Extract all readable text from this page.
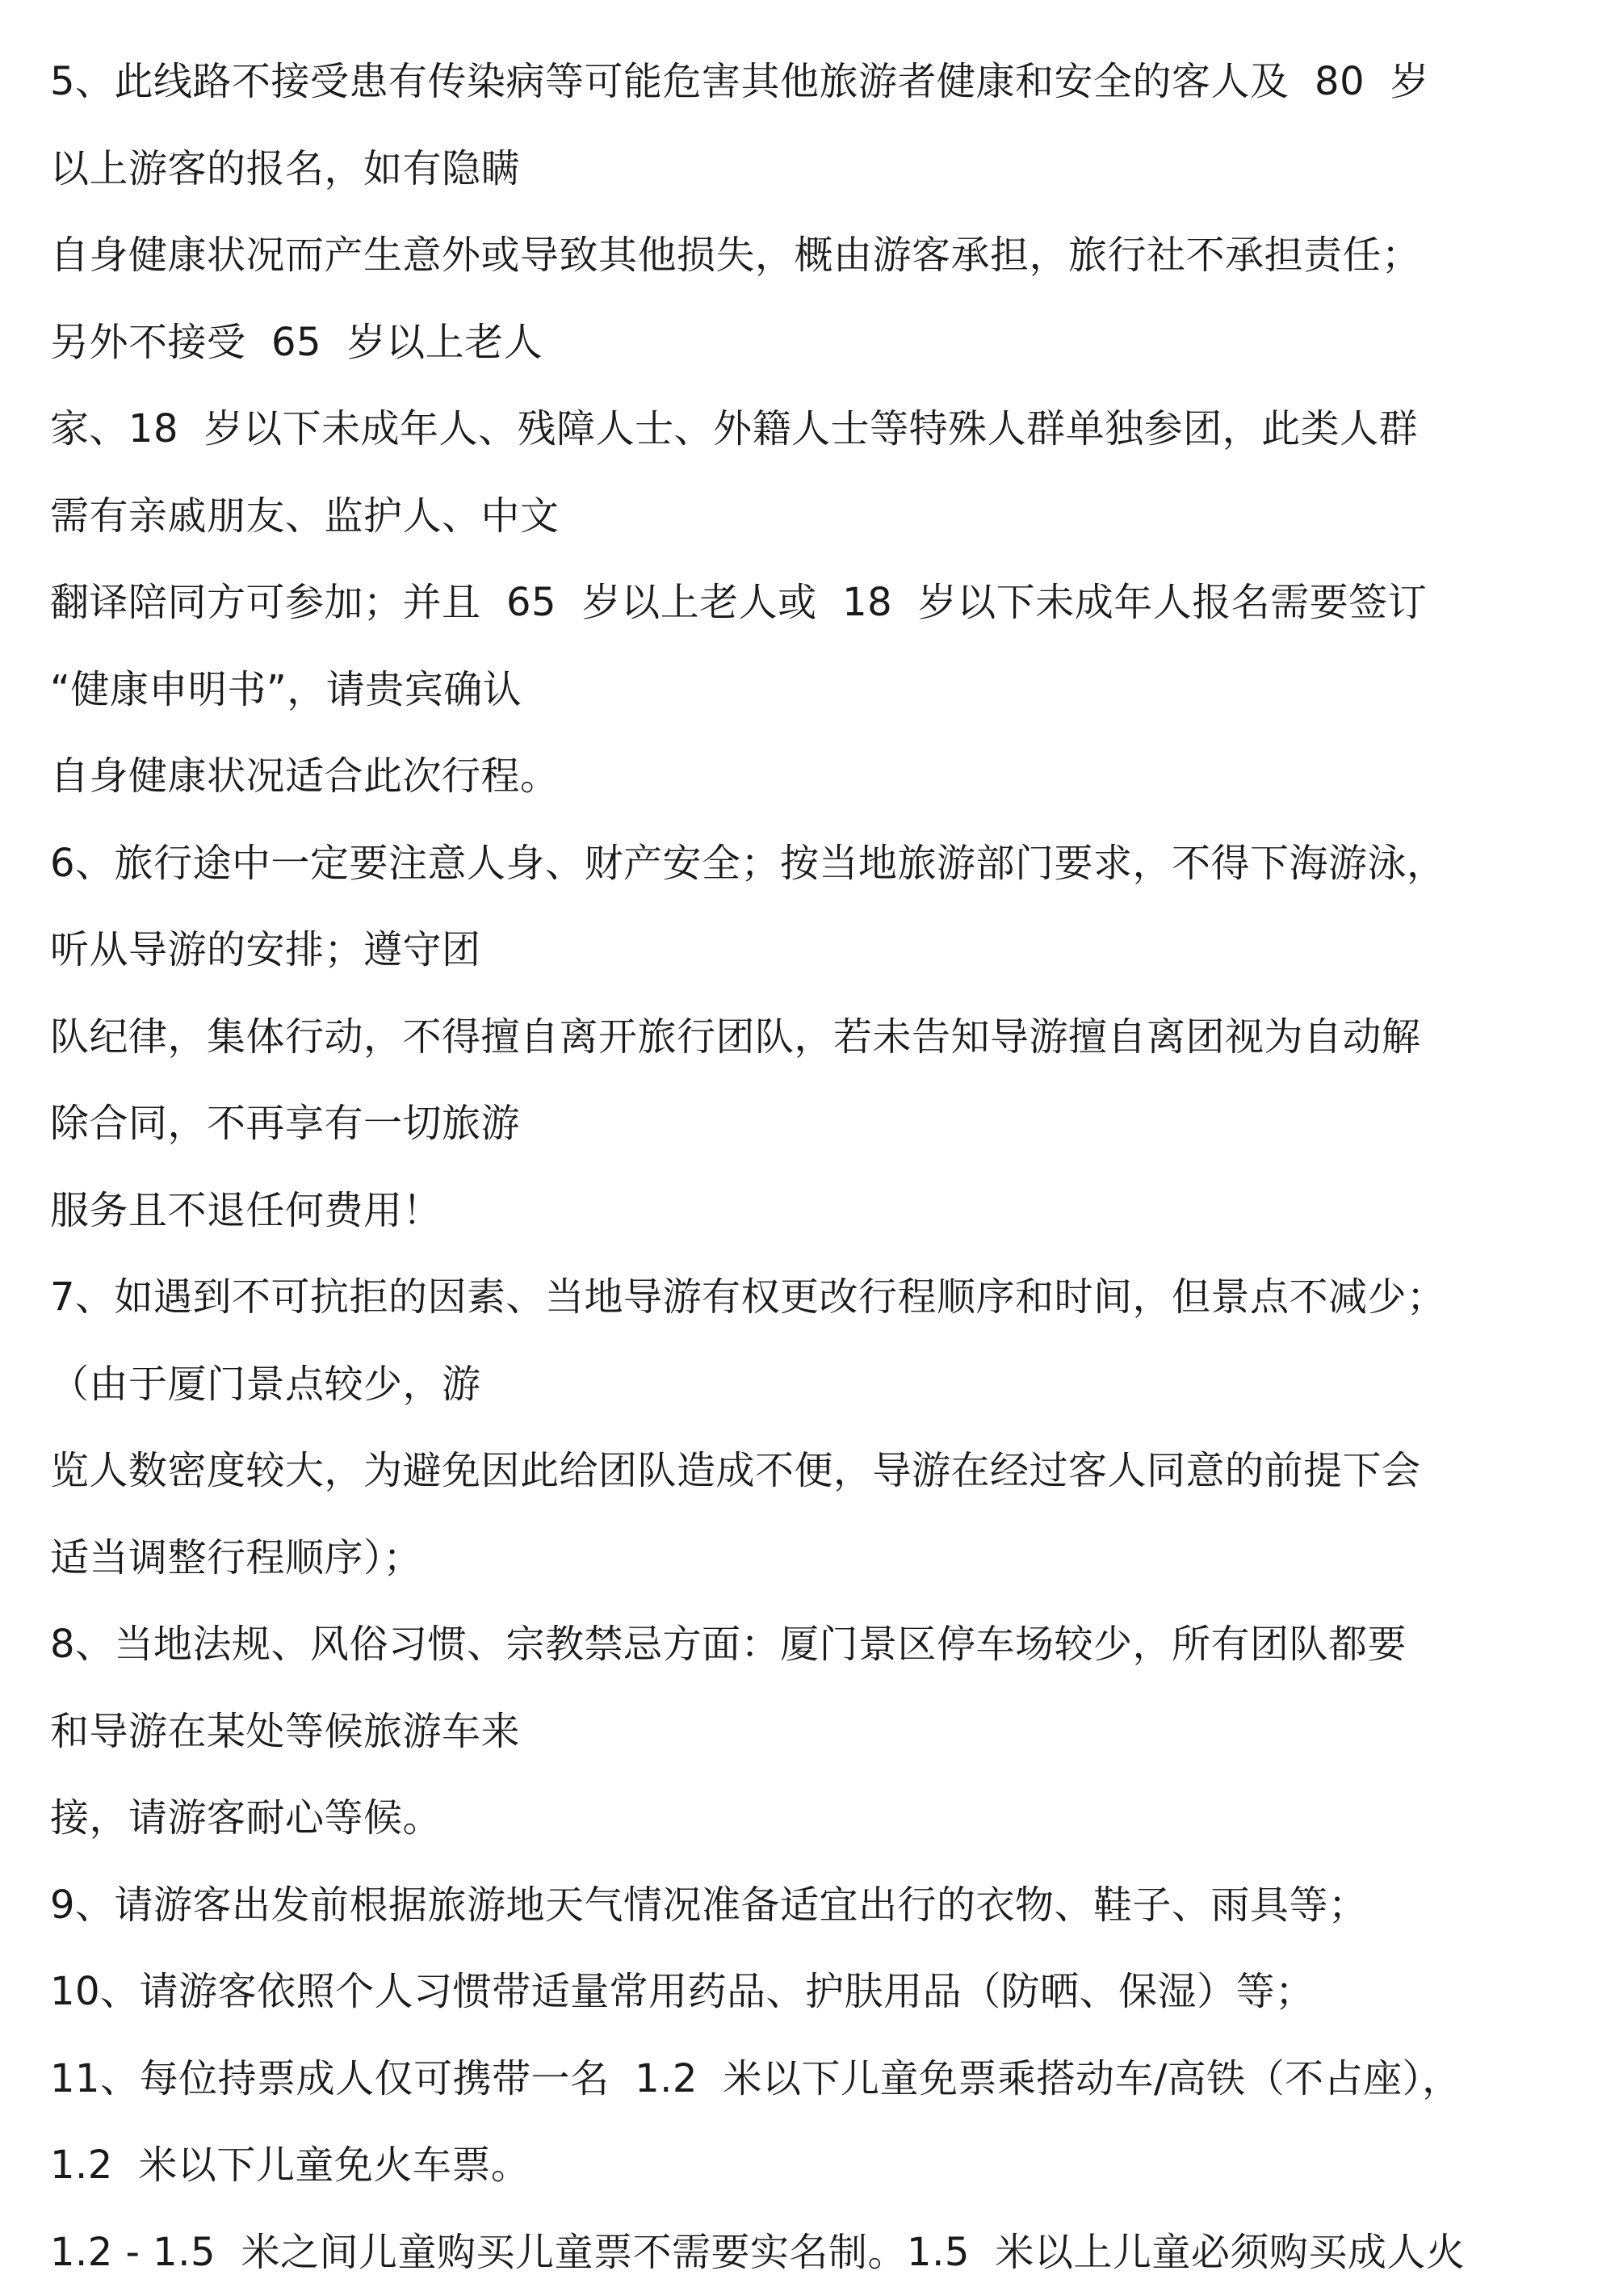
5、此线路不接受患有传染病等可能危害其他旅游者健康和安全的客人及  80  岁
以上游客的报名，如有隐瞒
自身健康状况而产生意外或导致其他损失，概由游客承担，旅行社不承担责任；
另外不接受  65  岁以上老人
家、18  岁以下未成年人、残障人士、外籍人士等特殊人群单独参团，此类人群
需有亲戚朋友、监护人、中文
翻译陪同方可参加；并且  65  岁以上老人或  18  岁以下未成年人报名需要签订
“健康申明书”，请贵宾确认
自身健康状况适合此次行程。
6、旅行途中一定要注意人身、财产安全；按当地旅游部门要求，不得下海游泳，
听从导游的安排；遵守团
队纪律，集体行动，不得擅自离开旅行团队，若未告知导游擅自离团视为自动解
除合同，不再享有一切旅游
服务且不退任何费用！
7、如遇到不可抗拒的因素、当地导游有权更改行程顺序和时间，但景点不减少；
（由于厦门景点较少，游
览人数密度较大，为避免因此给团队造成不便，导游在经过客人同意的前提下会
适当调整行程顺序）；
8、当地法规、风俗习惯、宗教禁忌方面：厦门景区停车场较少，所有团队都要
和导游在某处等候旅游车来
接，请游客耐心等候。
9、请游客出发前根据旅游地天气情况准备适宜出行的衣物、鞋子、雨具等；
10、请游客依照个人习惯带适量常用药品、护肤用品（防晒、保湿）等；
11、每位持票成人仅可携带一名  1.2  米以下儿童免票乘搭动车/高铁（不占座），
1.2  米以下儿童免火车票。
1.2 - 1.5  米之间儿童购买儿童票不需要实名制。1.5  米以上儿童必须购买成人火
